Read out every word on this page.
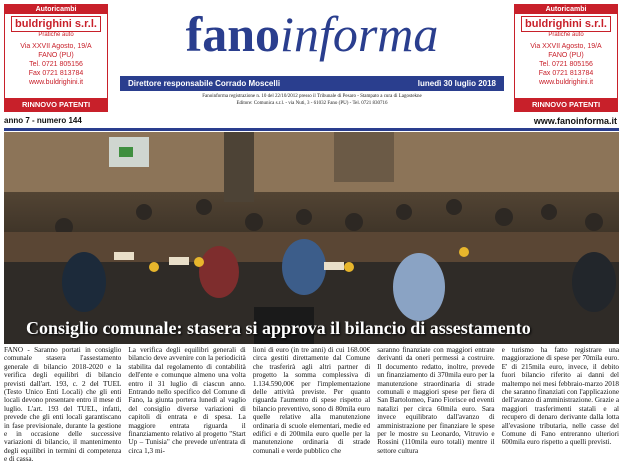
Autoricambi
buldrighini s.r.l.
Pratiche auto
Via XXVII Agosto, 19/A
FANO (PU)
Tel. 0721 805156
Fax 0721 813784
www.buldrighini.it
RINNOVO PATENTI
Autoricambi
buldrighini s.r.l.
Pratiche auto
Via XXVII Agosto, 19/A
FANO (PU)
Tel. 0721 805156
Fax 0721 813784
www.buldrighini.it
RINNOVO PATENTI
fanoinforma
Direttore responsabile Corrado Moscelli	lunedì 30 luglio 2018
Fanoinforma registrazione n. 10 del 22/10/2012 presso il Tribunale di Pesaro - Stampato a cura di Lagostekne
Editore: Comunica s.r.l. - via Nuti, 3 - 61032 Fano (PU) - Tel. 0721 830716
anno 7 - numero 144	www.fanoinforma.it
Consiglio comunale: stasera si approva il bilancio di assestamento
FANO - Saranno portati in consiglio comunale stasera l'assestamento generale di bilancio 2018-2020 e la verifica degli equilibri di bilancio previsti dall'art. 193, c. 2 del TUEL (Testo Unico Enti Locali) che gli enti locali devono presentare entro il mese di luglio. L'art. 193 del TUEL, infatti, prevede che gli enti locali garantiscano in fase previsionale, durante la gestione e in occasione delle successive variazioni di bilancio, il mantenimento degli equilibri in termini di competenza e di cassa.
La verifica degli equilibri generali di bilancio deve avvenire con la periodicità stabilita dal regolamento di contabilità dell'ente e comunque almeno una volta entro il 31 luglio di ciascun anno. Entrando nello specifico del Comune di Fano, la giunta portera lunedì al vaglio del consiglio diverse variazioni di capitoli di entrata e di spesa. La maggiore entrata riguarda il finanziamento relativo al progetto "Start Up – Tunisia" che prevede un'entrata di circa 1,3 mi-
lioni di euro (in tre anni) di cui 168.00€ circa gestiti direttamente dal Comune che trasferirà agli altri partner di progetto la somma complessiva di 1.134.590,00€ per l'implementazione delle attività previste. Per quanto riguarda l'aumento di spese rispetto al bilancio preventivo, sono di 80mila euro quelle relative alla manutenzione ordinaria di scuole elementari, medie ed edifici e di 200mila euro quelle per la manutenzione ordinaria di strade comunali e verde pubblico che
saranno finanziate con maggiori entrate derivanti da oneri permessi a costruire. Il documento redatto, inoltre, prevede un finanziamento di 370mila euro per la manutenzione straordinaria di strade comunali e maggiori spese per fiera di San Bartolomeo, Fano Fiorisce ed eventi natalizi per circa 60mila euro. Sara invece equilibrato dall'avanzo di amministrazione per finanziare le spese per le mostre su Leonardo, Vitruvio e Rossini (110mila euro totali) mentre il settore cultura
e turismo ha fatto registrare una maggiorazione di spese per 70mila euro. E' di 215mila euro, invece, il debito fuori bilancio riferito ai danni del maltempo nei mesi febbraio-marzo 2018 che saranno finanziati con l'applicazione dell'avanzo di amministrazione. Grazie a maggiori trasferimenti statali e al recupero di denaro derivante dalla lotta all'evasione tributaria, nelle casse del Comune di Fano entreranno ulteriori 600mila euro rispetto a quelli previsti.
